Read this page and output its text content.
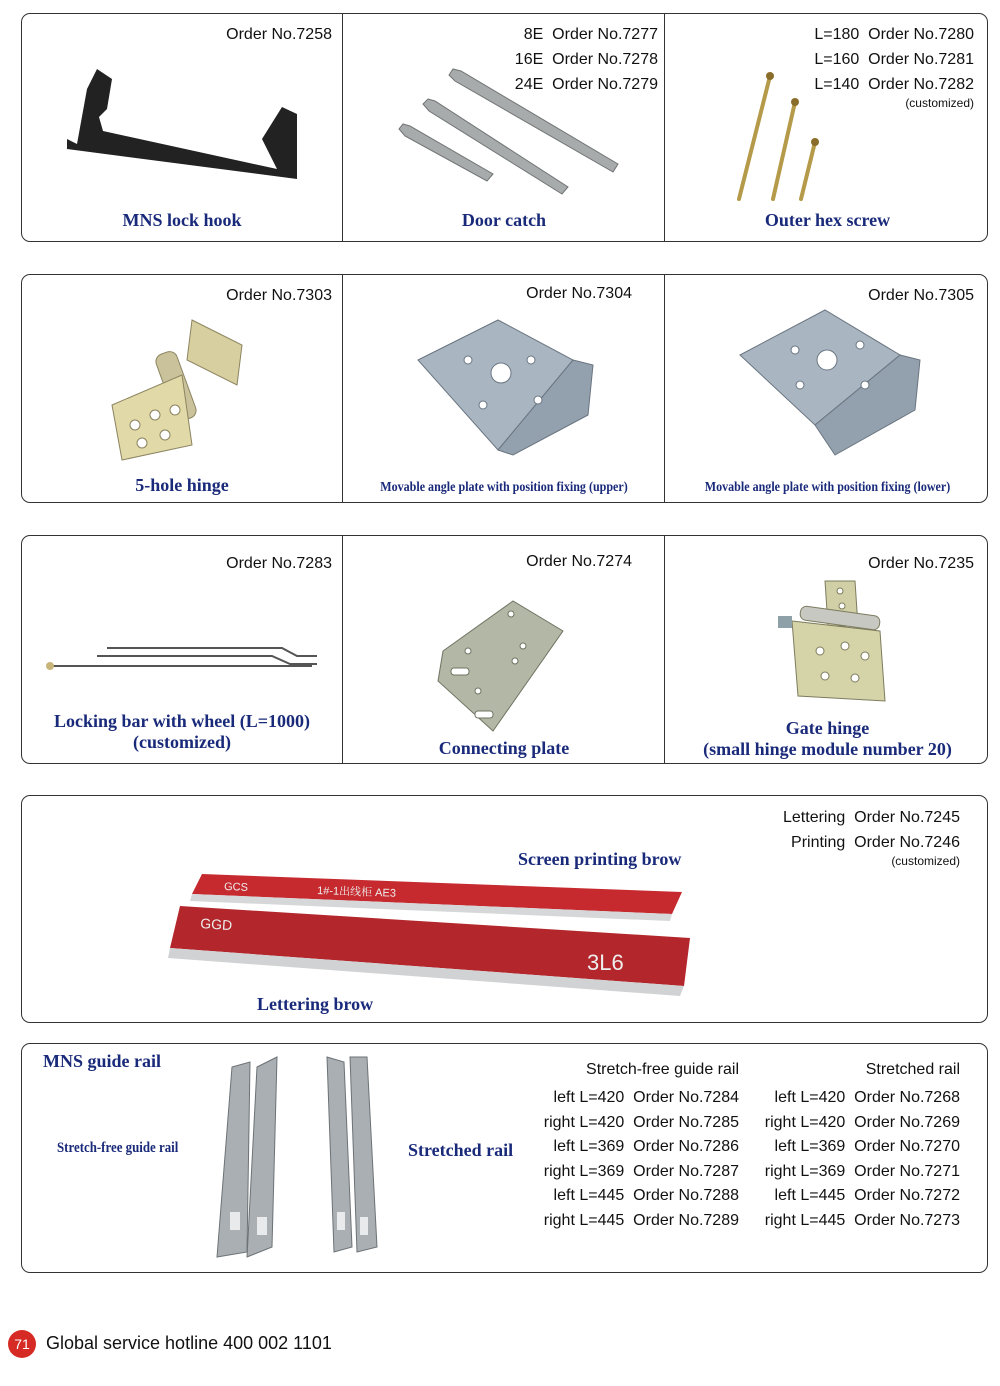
Order No.7258
MNS lock hook
8E  Order No.7277
16E  Order No.7278
24E  Order No.7279
Door catch
L=180  Order No.7280
L=160  Order No.7281
L=140  Order No.7282
(customized)
Outer hex screw
Order No.7303
5-hole hinge
Order No.7304
Movable angle plate with position fixing (upper)
Order No.7305
Movable angle plate with position fixing (lower)
Order No.7283
Locking bar with wheel (L=1000)
(customized)
Order No.7274
Connecting plate
Order No.7235
Gate hinge
(small hinge module number 20)
Lettering  Order No.7245
Printing  Order No.7246
(customized)
Screen printing brow
Lettering brow
GCS	1#-1出线柜 AE3
GGD
3L6
MNS guide rail
Stretch-free guide rail	Stretched rail
Stretch-free guide rail	Stretched rail
left L=420  Order No.7284
right L=420  Order No.7285
left L=369  Order No.7286
right L=369  Order No.7287
left L=445  Order No.7288
right L=445  Order No.7289
left L=420  Order No.7268
right L=420  Order No.7269
left L=369  Order No.7270
right L=369  Order No.7271
left L=445  Order No.7272
right L=445  Order No.7273
71 Global service hotline 400 002 1101
